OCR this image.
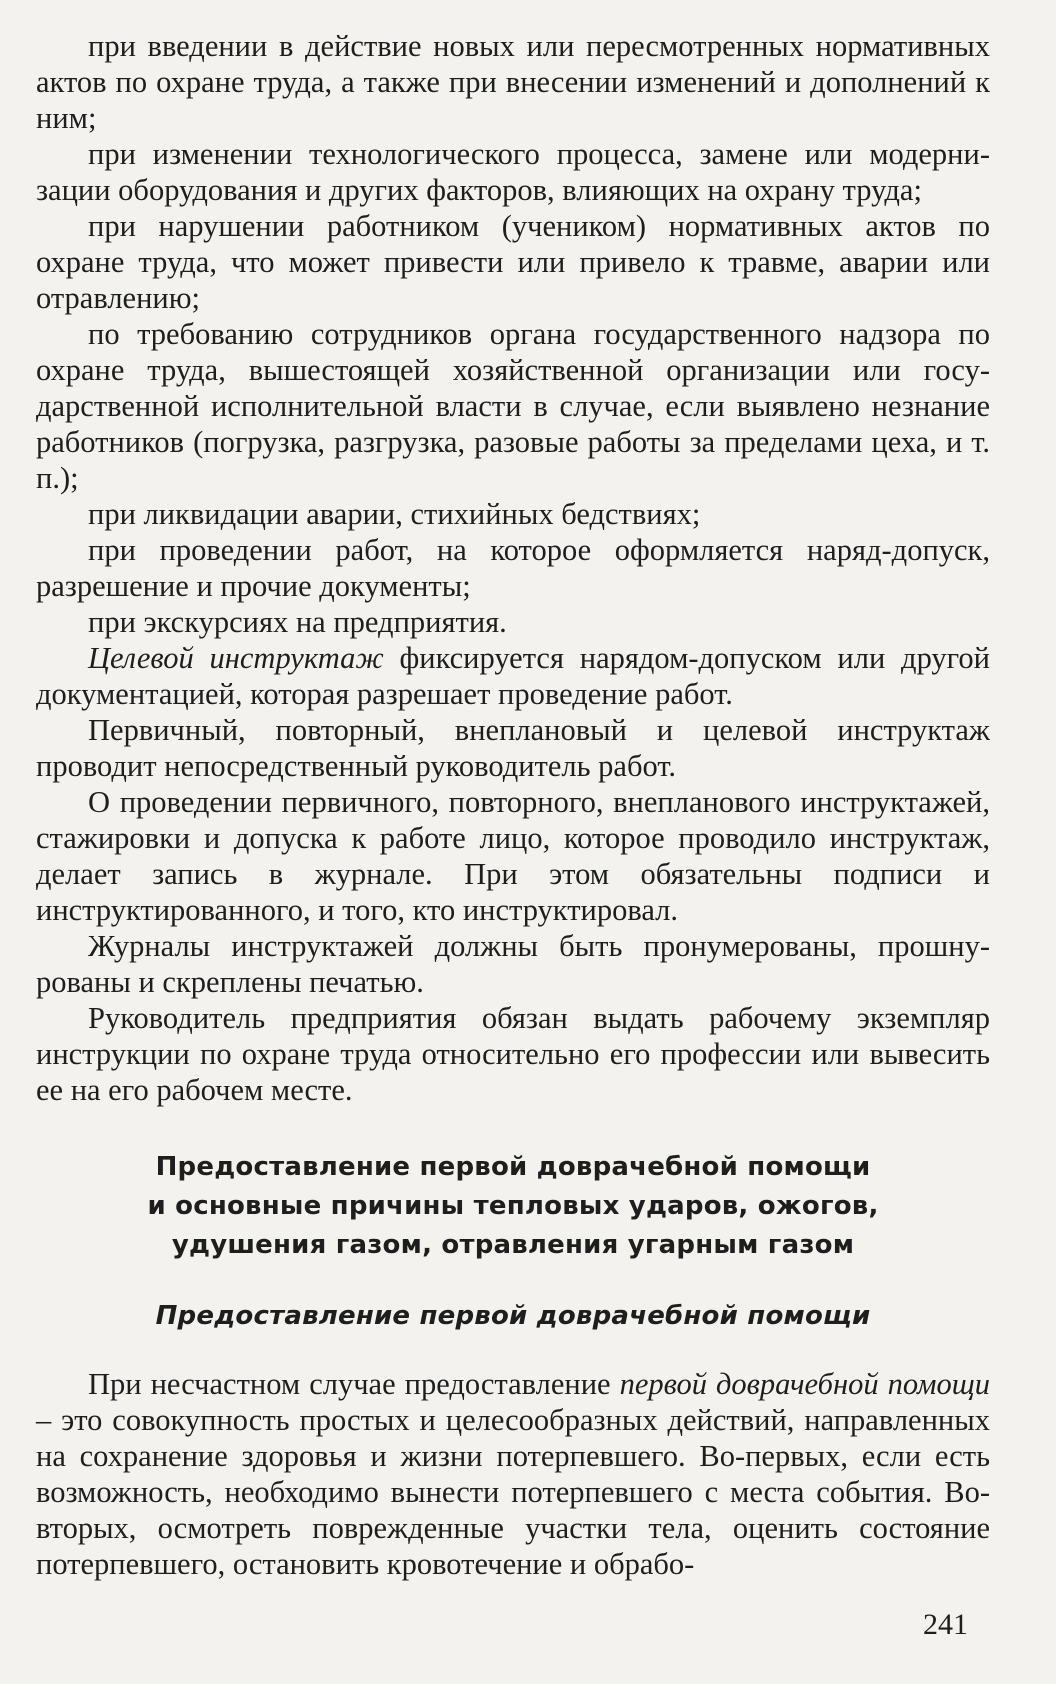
при введении в действие новых или пересмотренных нормативных актов по охране труда, а также при внесении изменений и дополнений к ним;

при изменении технологического процесса, замене или модернизации оборудования и других факторов, влияющих на охрану труда;

при нарушении работником (учеником) нормативных актов по охране труда, что может привести или привело к травме, аварии или отравлению;

по требованию сотрудников органа государственного надзора по охране труда, вышестоящей хозяйственной организации или государственной исполнительной власти в случае, если выявлено незнание работников (погрузка, разгрузка, разовые работы за пределами цеха, и т. п.);

при ликвидации аварии, стихийных бедствиях;

при проведении работ, на которое оформляется наряд-допуск, разрешение и прочие документы;

при экскурсиях на предприятия.

Целевой инструктаж фиксируется нарядом-допуском или другой документацией, которая разрешает проведение работ.

Первичный, повторный, внеплановый и целевой инструктаж проводит непосредственный руководитель работ.

О проведении первичного, повторного, внепланового инструктажей, стажировки и допуска к работе лицо, которое проводило инструктаж, делает запись в журнале. При этом обязательны подписи и инструктированного, и того, кто инструктировал.

Журналы инструктажей должны быть пронумерованы, прошнурованы и скреплены печатью.

Руководитель предприятия обязан выдать рабочему экземпляр инструкции по охране труда относительно его профессии или вывесить ее на его рабочем месте.

Предоставление первой доврачебной помощи
и основные причины тепловых ударов, ожогов,
удушения газом, отравления угарным газом
Предоставление первой доврачебной помощи

При несчастном случае предоставление первой доврачебной помощи – это совокупность простых и целесообразных действий, направленных на сохранение здоровья и жизни потерпевшего. Во-первых, если есть возможность, необходимо вынести потерпевшего с места события. Во-вторых, осмотреть поврежденные участки тела, оценить состояние потерпевшего, остановить кровотечение и обрабо-

241
